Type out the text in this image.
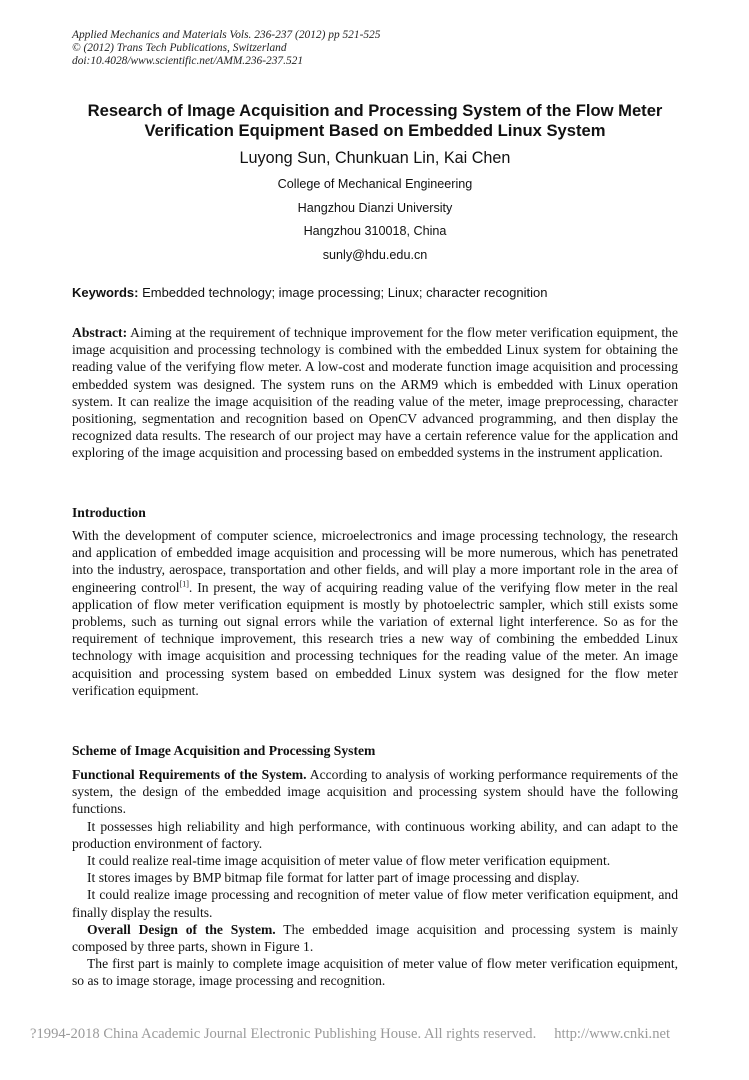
Applied Mechanics and Materials Vols. 236-237 (2012) pp 521-525
© (2012) Trans Tech Publications, Switzerland
doi:10.4028/www.scientific.net/AMM.236-237.521
Research of Image Acquisition and Processing System of the Flow Meter
Verification Equipment Based on Embedded Linux System
Luyong Sun, Chunkuan Lin, Kai Chen
College of Mechanical Engineering
Hangzhou Dianzi University
Hangzhou 310018, China
sunly@hdu.edu.cn
Keywords: Embedded technology; image processing; Linux; character recognition

Abstract: Aiming at the requirement of technique improvement for the flow meter verification equipment, the image acquisition and processing technology is combined with the embedded Linux system for obtaining the reading value of the verifying flow meter. A low-cost and moderate function image acquisition and processing embedded system was designed. The system runs on the ARM9 which is embedded with Linux operation system. It can realize the image acquisition of the reading value of the meter, image preprocessing, character positioning, segmentation and recognition based on OpenCV advanced programming, and then display the recognized data results. The research of our project may have a certain reference value for the application and exploring of the image acquisition and processing based on embedded systems in the instrument application.

Introduction

With the development of computer science, microelectronics and image processing technology, the research and application of embedded image acquisition and processing will be more numerous, which has penetrated into the industry, aerospace, transportation and other fields, and will play a more important role in the area of engineering control[1]. In present, the way of acquiring reading value of the verifying flow meter in the real application of flow meter verification equipment is mostly by photoelectric sampler, which still exists some problems, such as turning out signal errors while the variation of external light interference. So as for the requirement of technique improvement, this research tries a new way of combining the embedded Linux technology with image acquisition and processing techniques for the reading value of the meter. An image acquisition and processing system based on embedded Linux system was designed for the flow meter verification equipment.

Scheme of Image Acquisition and Processing System

Functional Requirements of the System. According to analysis of working performance requirements of the system, the design of the embedded image acquisition and processing system should have the following functions.

It possesses high reliability and high performance, with continuous working ability, and can adapt to the production environment of factory.

It could realize real-time image acquisition of meter value of flow meter verification equipment.

It stores images by BMP bitmap file format for latter part of image processing and display.

It could realize image processing and recognition of meter value of flow meter verification equipment, and finally display the results.

Overall Design of the System. The embedded image acquisition and processing system is mainly composed by three parts, shown in Figure 1.

The first part is mainly to complete image acquisition of meter value of flow meter verification equipment, so as to image storage, image processing and recognition.

?1994-2018 China Academic Journal Electronic Publishing House. All rights reserved. http://www.cnki.net
